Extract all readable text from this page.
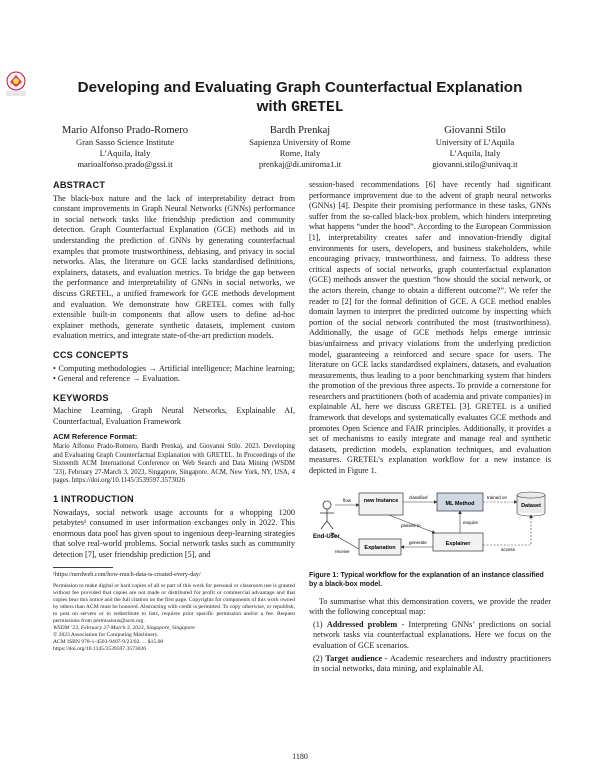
Developing and Evaluating Graph Counterfactual Explanation
with GRETEL
Mario Alfonso Prado-Romero
Gran Sasso Science Institute
L’Aquila, Italy
marioalfonso.prado@gssi.it
Bardh Prenkaj
Sapienza University of Rome
Rome, Italy
prenkaj@di.uniroma1.it
Giovanni Stilo
University of L’Aquila
L’Aquila, Italy
giovanni.stilo@univaq.it
ABSTRACT

The black-box nature and the lack of interpretability detract from constant improvements in Graph Neural Networks (GNNs) performance in social network tasks like friendship prediction and community detection. Graph Counterfactual Explanation (GCE) methods aid in understanding the prediction of GNNs by generating counterfactual examples that promote trustworthiness, debiasing, and privacy in social networks. Alas, the literature on GCE lacks standardised definitions, explainers, datasets, and evaluation metrics. To bridge the gap between the performance and interpretability of GNNs in social networks, we discuss GRETEL, a unified framework for GCE methods development and evaluation. We demonstrate how GRETEL comes with fully extensible built-in components that allow users to define ad-hoc explainer methods, generate synthetic datasets, implement custom evaluation metrics, and integrate state-of-the-art prediction models.

CCS CONCEPTS

• Computing methodologies → Artificial intelligence; Machine learning; • General and reference → Evaluation.

KEYWORDS

Machine Learning, Graph Neural Networks, Explainable AI, Counterfactual, Evaluation Framework

ACM Reference Format:

Mario Alfonso Prado-Romero, Bardh Prenkaj, and Giovanni Stilo. 2023. Developing and Evaluating Graph Counterfactual Explanation with GRETEL. In Proceedings of the Sixteenth ACM International Conference on Web Search and Data Mining (WSDM ’23), February 27-March 3, 2023, Singapore, Singapore. ACM, New York, NY, USA, 4 pages. https://doi.org/10.1145/3539597.3573026

1 INTRODUCTION

Nowadays, social network usage accounts for a whopping 1200 petabytes¹ consumed in user information exchanges only in 2022. This enormous data pool has given spout to ingenious deep-learning strategies that solve real-world problems. Social network tasks such as community detection [7], user friendship prediction [5], and

¹https://nerdweb.com/how-much-data-is-created-every-day/
Permission to make digital or hard copies of all or part of this work for personal or classroom use is granted without fee provided that copies are not made or distributed for profit or commercial advantage and that copies bear this notice and the full citation on the first page. Copyrights for components of this work owned by others than ACM must be honored. Abstracting with credit is permitted. To copy otherwise, or republish, to post on servers or to redistribute to lists, requires prior specific permission and/or a fee. Request permissions from permissions@acm.org.
WSDM ’23, February 27-March 3, 2023, Singapore, Singapore
© 2023 Association for Computing Machinery.
ACM ISBN 978-1-4503-9407-9/23/02. . . $15.00
https://doi.org/10.1145/3539597.3573026

session-based recommendations [6] have recently had significant performance improvement due to the advent of graph neural networks (GNNs) [4]. Despite their promising performance in these tasks, GNNs suffer from the so-called black-box problem, which hinders interpreting what happens “under the hood”. According to the European Commission [1], interpretability creates safer and innovation-friendly digital environments for users, developers, and business stakeholders, while encouraging privacy, trustworthiness, and fairness. To address these critical aspects of social networks, graph counterfactual explanation (GCE) methods answer the question “how should the social network, or the actors therein, change to obtain a different outcome?”. We refer the reader to [2] for the formal definition of GCE. A GCE method enables domain laymen to interpret the predicted outcome by inspecting which portion of the social network contributed the most (trustworthiness). Additionally, the usage of GCE methods helps emerge intrinsic bias/unfairness and privacy violations from the underlying prediction model, guaranteeing a reinforced and secure space for users. The literature on GCE lacks standardised explainers, datasets, and evaluation measurements, thus leading to a poor benchmarking system that hinders the promotion of the previous three aspects. To provide a cornerstone for researchers and practitioners (both of academia and private companies) in explainable AI, here we discuss GRETEL [3]. GRETEL is a unified framework that develops and systematically evaluates GCE methods and promotes Open Science and FAIR principles. Additionally, it provides a set of mechanisms to easily integrate and manage real and synthetic datasets, prediction models, explanation techniques, and evaluation measures. GRETEL’s explanation workflow for a new instance is depicted in Figure 1.

End-User
new Instance	ML Method	Dataset
Explanation
Explainer
flow
classified	trained on
passed to
enquire
generate
receive	access
Figure 1: Typical workflow for the explanation of an instance classified by a black-box model.

To summarise what this demonstration covers, we provide the reader with the following conceptual map:

(1) Addressed problem - Interpreting GNNs’ predictions on social network tasks via counterfactual explanations. Here we focus on the evaluation of GCE scenarios.
(2) Target audience - Academic researchers and industry practitioners in social networks, data mining, and explainable AI.
1180
